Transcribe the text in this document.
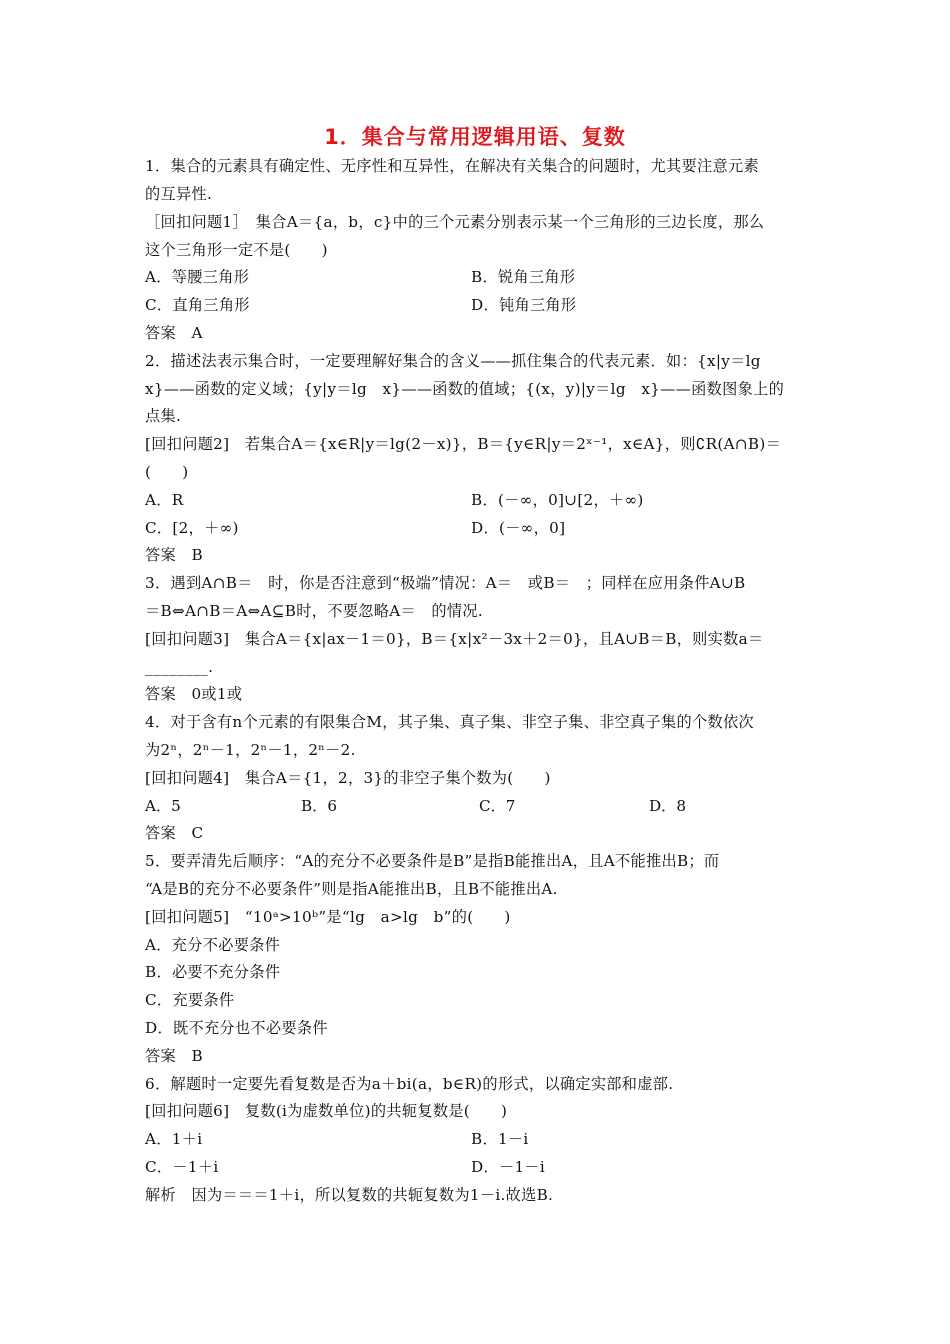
1．集合与常用逻辑用语、复数
1．集合的元素具有确定性、无序性和互异性，在解决有关集合的问题时，尤其要注意元素
的互异性.
［回扣问题1］　集合A＝{a，b，c}中的三个元素分别表示某一个三角形的三边长度，那么
这个三角形一定不是(　　)
A．等腰三角形	B．锐角三角形
C．直角三角形	D．钝角三角形
答案　A
2．描述法表示集合时，一定要理解好集合的含义——抓住集合的代表元素．如：{x|y＝lg
x}——函数的定义域；{y|y＝lg　x}——函数的值域；{(x，y)|y＝lg　x}——函数图象上的
点集.
[回扣问题2]　若集合A＝{x∈R|y＝lg(2－x)}，B＝{y∈R|y＝2ˣ⁻¹，x∈A}，则∁R(A∩B)＝
(　　)
A．R	B．(－∞，0]∪[2，＋∞)
C．[2，＋∞)	D．(－∞，0]
答案　B
3．遇到A∩B＝　时，你是否注意到“极端”情况：A＝　或B＝　；同样在应用条件A∪B
＝B⇔A∩B＝A⇔A⊆B时，不要忽略A＝　的情况.
[回扣问题3]　集合A＝{x|ax－1＝0}，B＝{x|x²－3x＋2＝0}，且A∪B＝B，则实数a＝
________.
答案　0或1或
4．对于含有n个元素的有限集合M，其子集、真子集、非空子集、非空真子集的个数依次
为2ⁿ，2ⁿ－1，2ⁿ－1，2ⁿ－2.
[回扣问题4]　集合A＝{1，2，3}的非空子集个数为(　　)
A．5	B．6	C．7	D．8
答案　C
5．要弄清先后顺序：“A的充分不必要条件是B”是指B能推出A，且A不能推出B；而
“A是B的充分不必要条件”则是指A能推出B，且B不能推出A.
[回扣问题5]　“10ᵃ>10ᵇ”是“lg　a>lg　b”的(　　)
A．充分不必要条件
B．必要不充分条件
C．充要条件
D．既不充分也不必要条件
答案　B
6．解题时一定要先看复数是否为a＋bi(a，b∈R)的形式，以确定实部和虚部.
[回扣问题6]　复数(i为虚数单位)的共轭复数是(　　)
A．1＋i	B．1－i
C．－1＋i	D．－1－i
解析　因为＝＝＝1＋i，所以复数的共轭复数为1－i.故选B.
